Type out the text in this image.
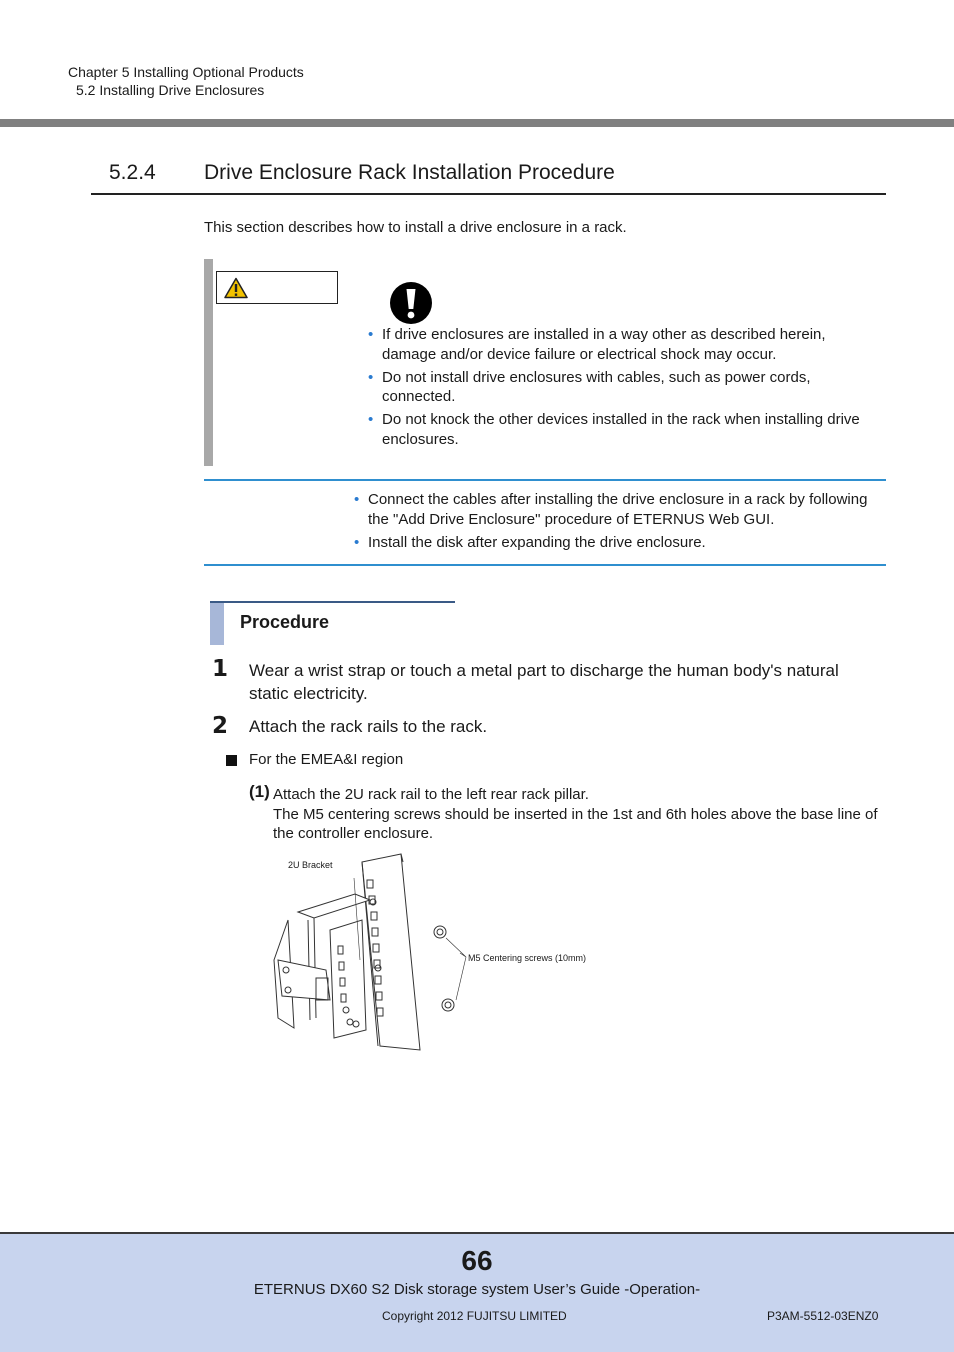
Chapter 5 Installing Optional Products
5.2 Installing Drive Enclosures
5.2.4 Drive Enclosure Rack Installation Procedure
This section describes how to install a drive enclosure in a rack.
• If drive enclosures are installed in a way other as described herein, damage and/or device failure or electrical shock may occur.
• Do not install drive enclosures with cables, such as power cords, connected.
• Do not knock the other devices installed in the rack when installing drive enclosures.
• Connect the cables after installing the drive enclosure in a rack by following the "Add Drive Enclosure" procedure of ETERNUS Web GUI.
• Install the disk after expanding the drive enclosure.
Procedure
1 Wear a wrist strap or touch a metal part to discharge the human body's natural static electricity.
2 Attach the rack rails to the rack.
For the EMEA&I region
(1) Attach the 2U rack rail to the left rear rack pillar.
The M5 centering screws should be inserted in the 1st and 6th holes above the base line of the controller enclosure.
2U Bracket
M5 Centering screws (10mm)
66
ETERNUS DX60 S2 Disk storage system User’s Guide -Operation-
Copyright 2012 FUJITSU LIMITED	P3AM-5512-03ENZ0
